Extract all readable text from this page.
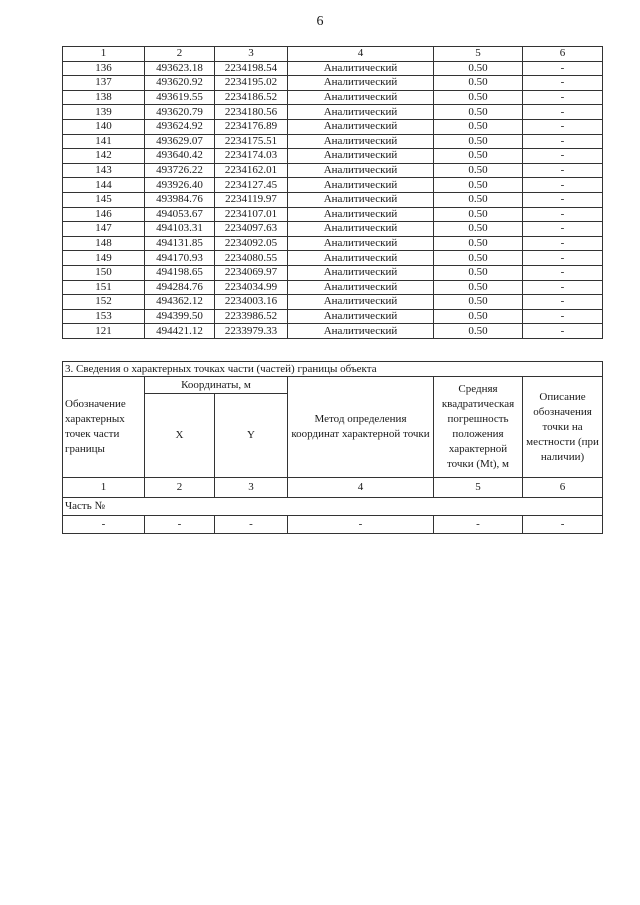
6
1	2	3	4	5	6
136	493623.18	2234198.54	Аналитический	0.50	-
137	493620.92	2234195.02	Аналитический	0.50	-
138	493619.55	2234186.52	Аналитический	0.50	-
139	493620.79	2234180.56	Аналитический	0.50	-
140	493624.92	2234176.89	Аналитический	0.50	-
141	493629.07	2234175.51	Аналитический	0.50	-
142	493640.42	2234174.03	Аналитический	0.50	-
143	493726.22	2234162.01	Аналитический	0.50	-
144	493926.40	2234127.45	Аналитический	0.50	-
145	493984.76	2234119.97	Аналитический	0.50	-
146	494053.67	2234107.01	Аналитический	0.50	-
147	494103.31	2234097.63	Аналитический	0.50	-
148	494131.85	2234092.05	Аналитический	0.50	-
149	494170.93	2234080.55	Аналитический	0.50	-
150	494198.65	2234069.97	Аналитический	0.50	-
151	494284.76	2234034.99	Аналитический	0.50	-
152	494362.12	2234003.16	Аналитический	0.50	-
153	494399.50	2233986.52	Аналитический	0.50	-
121	494421.12	2233979.33	Аналитический	0.50	-
3. Сведения о характерных точках части (частей) границы объекта					
Обозначение характерных точек части границы	Координаты, м		Метод определения координат характерной точки	Средняя квадратическая погрешность положения характерной точки (Мt), м	Описание обозначения точки на местности (при наличии)
	X	Y			
1	2	3	4	5	6
Часть №					
-	-	-	-	-	-
